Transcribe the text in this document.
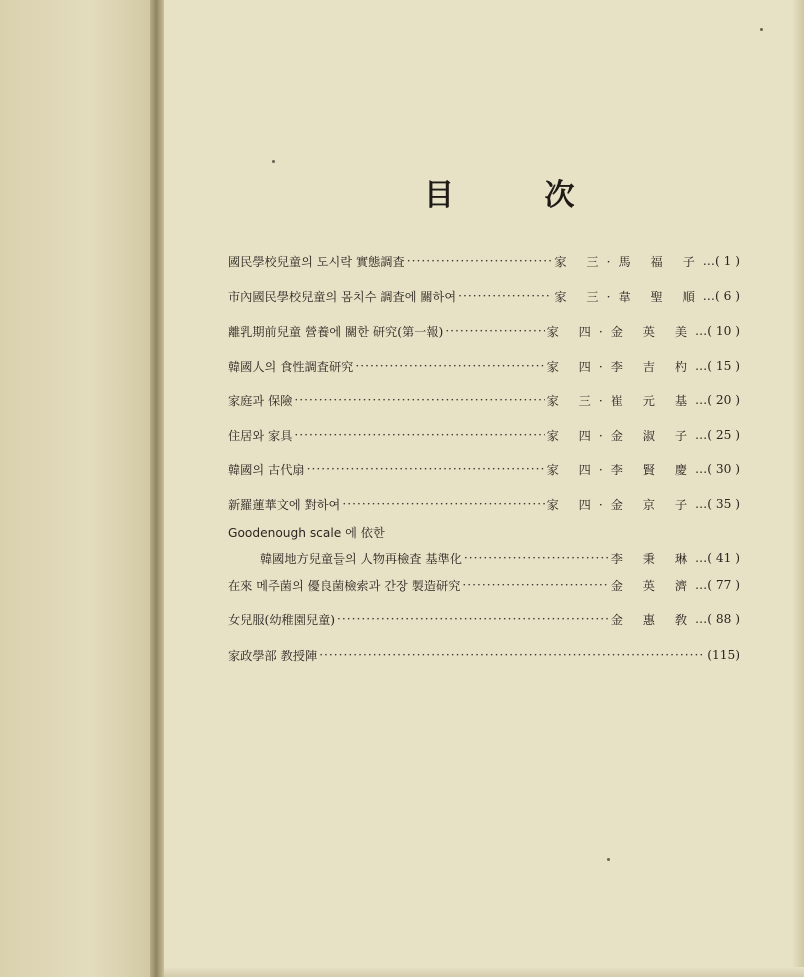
目 次
國民學校兒童의 도시락 實態調査 ·····	家 三·馬 福 子 …( 1 )
市內國民學校兒童의 몸치수 調査에 關하여 ·····	家 三·韋 聖 順 …( 6 )
離乳期前兒童 營養에 關한 研究(第一報) ·····	家 四·金 英 美 …( 10 )
韓國人의 食性調査研究 ·····	家 四·李 吉 杓 …( 15 )
家庭과 保險 ·····	家 三·崔 元 基 …( 20 )
住居와 家具 ·····	家 四·金 淑 子 …( 25 )
韓國의 古代扇 ·····	家 四·李 賢 慶 …( 30 )
新羅蓮華文에 對하여 ·····	家 四·金 京 子 …( 35 )
Goodenough scale 에 依한
韓國地方兒童들의 人物再檢査 基準化 ·····	李 秉 琳 …( 41 )
在來 메주菌의 優良菌檢索과 간장 製造研究 ·····	金 英 濟 …( 77 )
女兒服(幼稚園兒童) ·····	金 惠 敎 …( 88 )
家政學部 教授陣 ·····	(115)
